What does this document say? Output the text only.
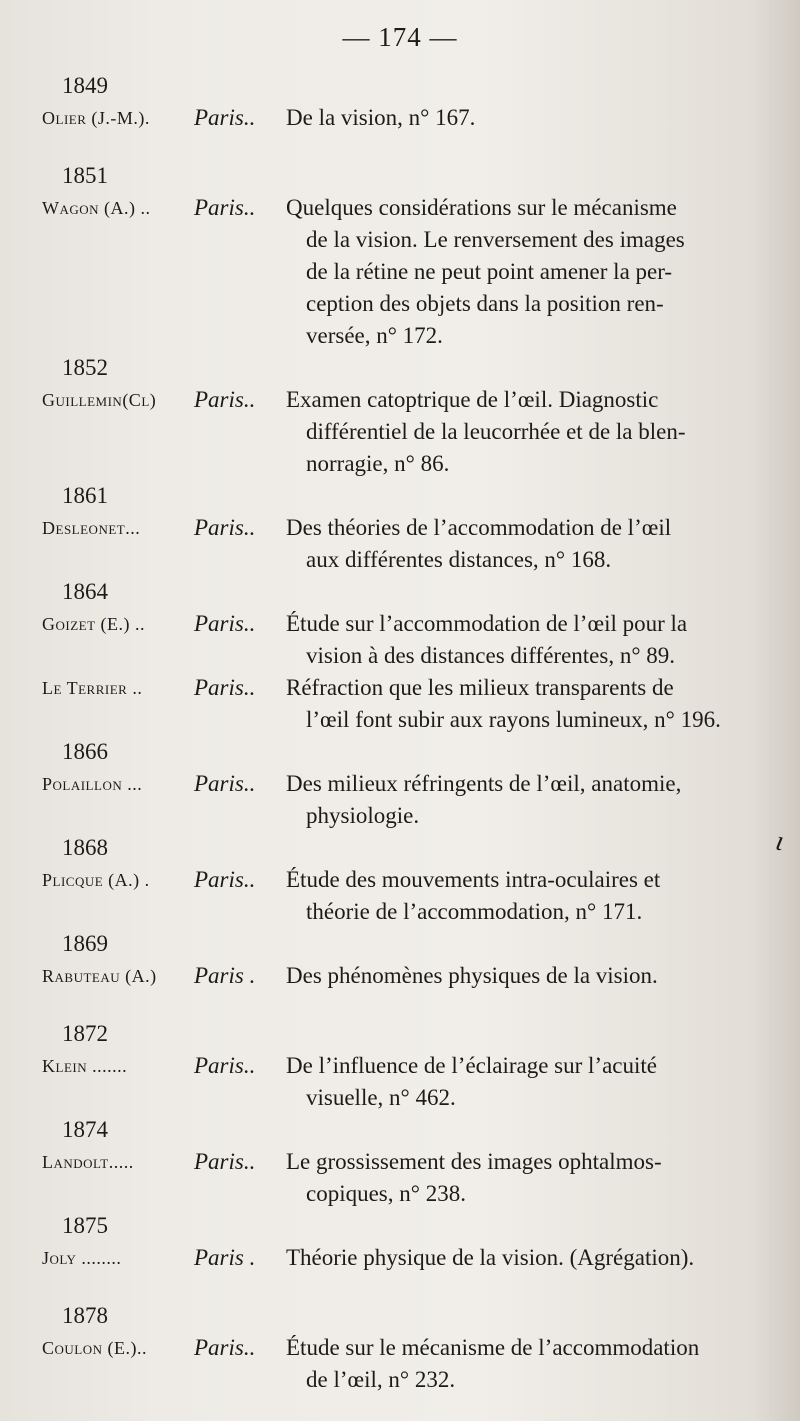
— 174 —
1849
Olier (J.-M.).	Paris..	De la vision, n° 167.
1851
Wagon (A.) ..	Paris..	Quelques considérations sur le mécanisme
de la vision. Le renversement des images
de la rétine ne peut point amener la per-
ception des objets dans la position ren-
versée, n° 172.
1852
Guillemin(Cl)	Paris..	Examen catoptrique de l’œil. Diagnostic
différentiel de la leucorrhée et de la blen-
norragie, n° 86.
1861
Desleonet...	Paris..	Des théories de l’accommodation de l’œil
aux différentes distances, n° 168.
1864
Goizet (E.) ..	Paris..	Étude sur l’accommodation de l’œil pour la
vision à des distances différentes, n° 89.
Le Terrier ..	Paris..	Réfraction que les milieux transparents de
l’œil font subir aux rayons lumineux, n° 196.
1866
Polaillon ...	Paris..	Des milieux réfringents de l’œil, anatomie,
physiologie.
1868
Plicque (A.) .	Paris..	Étude des mouvements intra-oculaires et
théorie de l’accommodation, n° 171.
1869
Rabuteau (A.)	Paris .	Des phénomènes physiques de la vision.
1872
Klein .......	Paris..	De l’influence de l’éclairage sur l’acuité
visuelle, n° 462.
1874
Landolt.....	Paris..	Le grossissement des images ophtalmos-
copiques, n° 238.
1875
Joly ........	Paris .	Théorie physique de la vision. (Agrégation).
1878
Coulon (E.)..	Paris..	Étude sur le mécanisme de l’accommodation
de l’œil, n° 232.
ɩ
